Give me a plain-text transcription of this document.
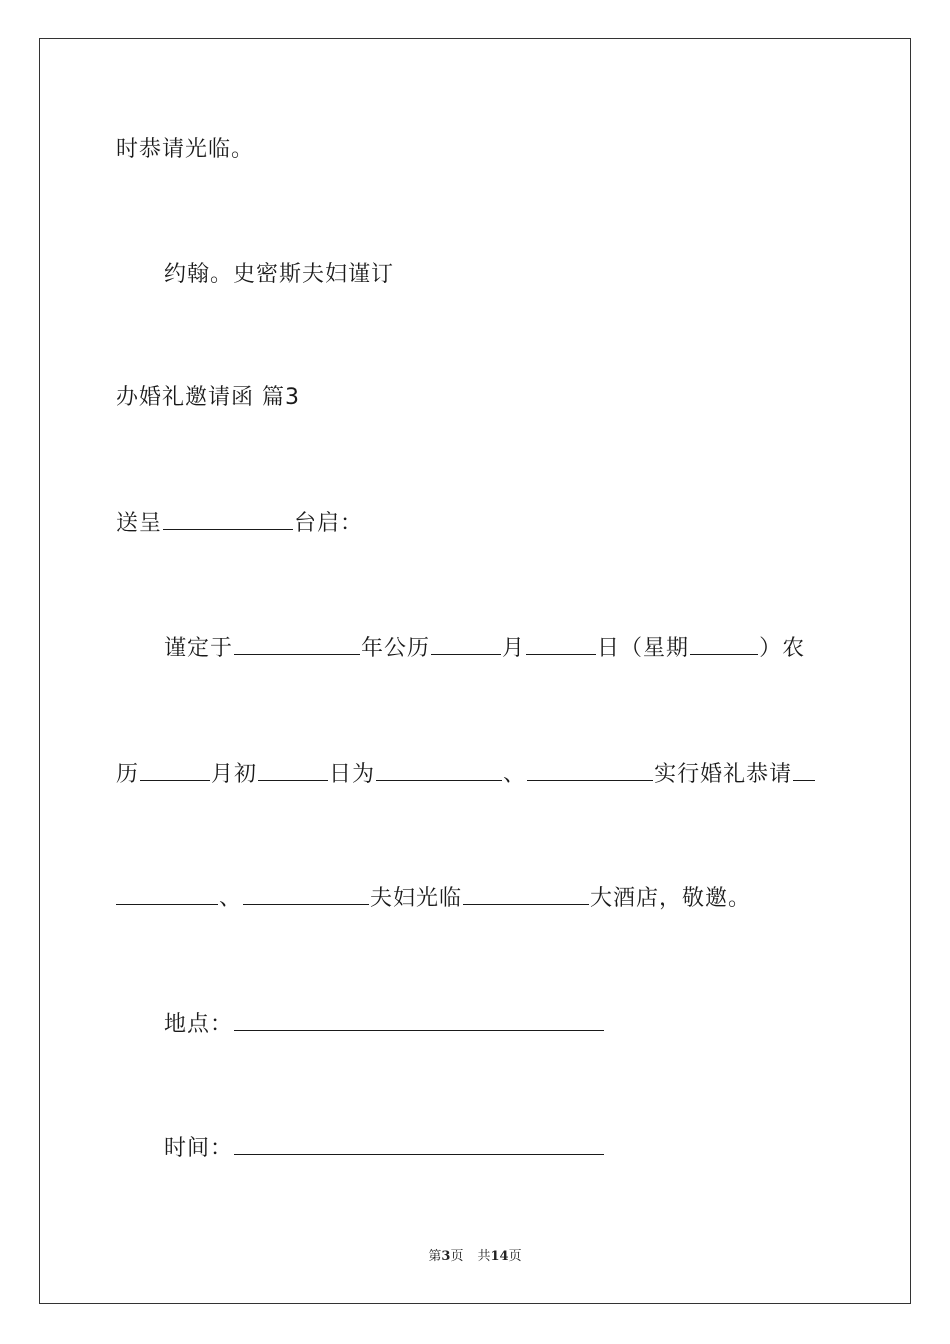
时恭请光临。
约翰。史密斯夫妇谨订
办婚礼邀请函 篇3
送呈	台启：
谨定于	年公历	月	日（星期	）农
历	月初	日为	、	实行婚礼恭请
、	夫妇光临	大酒店，敬邀。
地点：
时间：
第3页 共14页
